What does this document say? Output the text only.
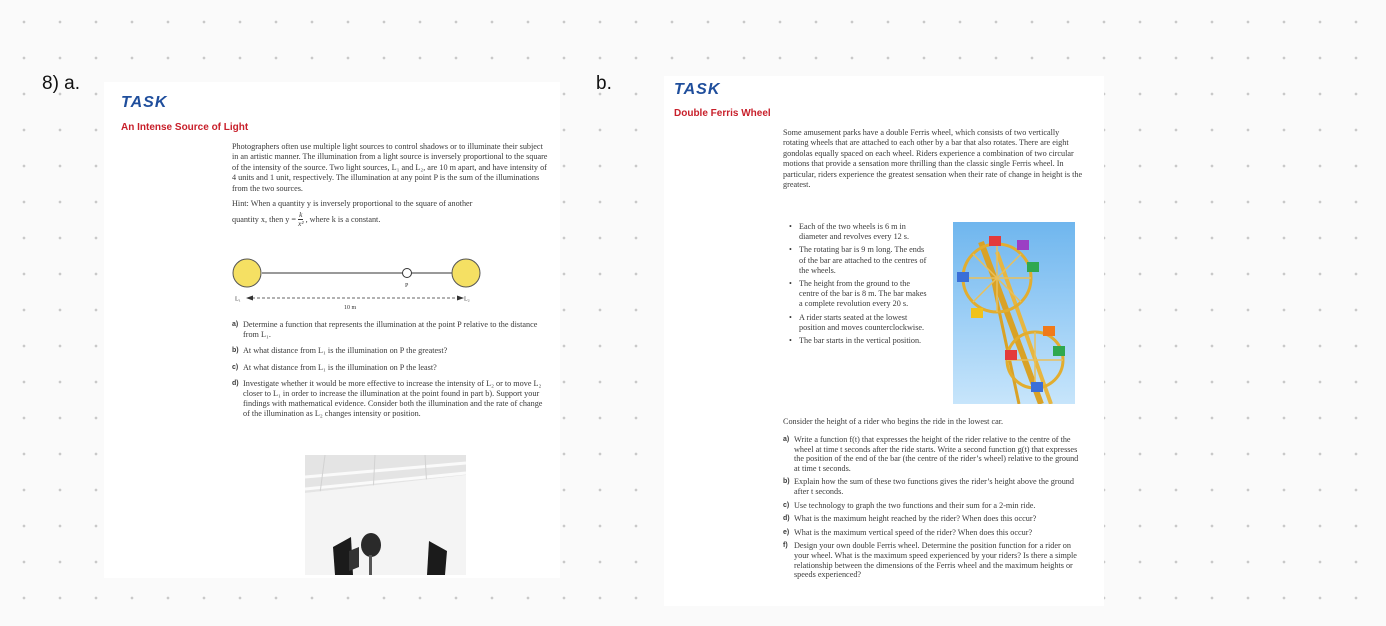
8) a.	b.
TASK
An Intense Source of Light

Photographers often use multiple light sources to control shadows or to illuminate their subject in an artistic manner. The illumination from a light source is inversely proportional to the square of the intensity of the source. Two light sources, L₁ and L₂, are 10 m apart, and have intensity of 4 units and 1 unit, respectively. The illumination at any point P is the sum of the illuminations from the two sources.

Hint: When a quantity y is inversely proportional to the square of another

quantity x, then $y = \frac{k}{\text{x²}}$ , where k is a constant.
P
L₁	L₂
10 m
a) Determine a function that represents the illumination at the point P relative to the distance from L₁.
b) At what distance from L₁ is the illumination on P the greatest?
c) At what distance from L₁ is the illumination on P the least?
d) Investigate whether it would be more effective to increase the intensity of L₂ or to move L₂ closer to L₁ in order to increase the illumination at the point found in part b). Support your findings with mathematical evidence. Consider both the illumination and the rate of change of the illumination as L₂ changes intensity or position.
TASK
Double Ferris Wheel
Some amusement parks have a double Ferris wheel, which consists of two vertically rotating wheels that are attached to each other by a bar that also rotates. There are eight gondolas equally spaced on each wheel. Riders experience a combination of two circular motions that provide a sensation more thrilling than the classic single Ferris wheel. In particular, riders experience the greatest sensation when their rate of change in height is the greatest.
• Each of the two wheels is 6 m in diameter and revolves every 12 s.
• The rotating bar is 9 m long. The ends of the bar are attached to the centres of the wheels.
• The height from the ground to the centre of the bar is 8 m. The bar makes a complete revolution every 20 s.
• A rider starts seated at the lowest position and moves counterclockwise.
• The bar starts in the vertical position.
Consider the height of a rider who begins the ride in the lowest car.
a) Write a function f(t) that expresses the height of the rider relative to the centre of the wheel at time t seconds after the ride starts. Write a second function g(t) that expresses the position of the end of the bar (the centre of the rider’s wheel) relative to the ground at time t seconds.
b) Explain how the sum of these two functions gives the rider’s height above the ground after t seconds.
c) Use technology to graph the two functions and their sum for a 2-min ride.
d) What is the maximum height reached by the rider? When does this occur?
e) What is the maximum vertical speed of the rider? When does this occur?
f) Design your own double Ferris wheel. Determine the position function for a rider on your wheel. What is the maximum speed experienced by your riders? Is there a simple relationship between the dimensions of the Ferris wheel and the maximum heights or speeds experienced?
